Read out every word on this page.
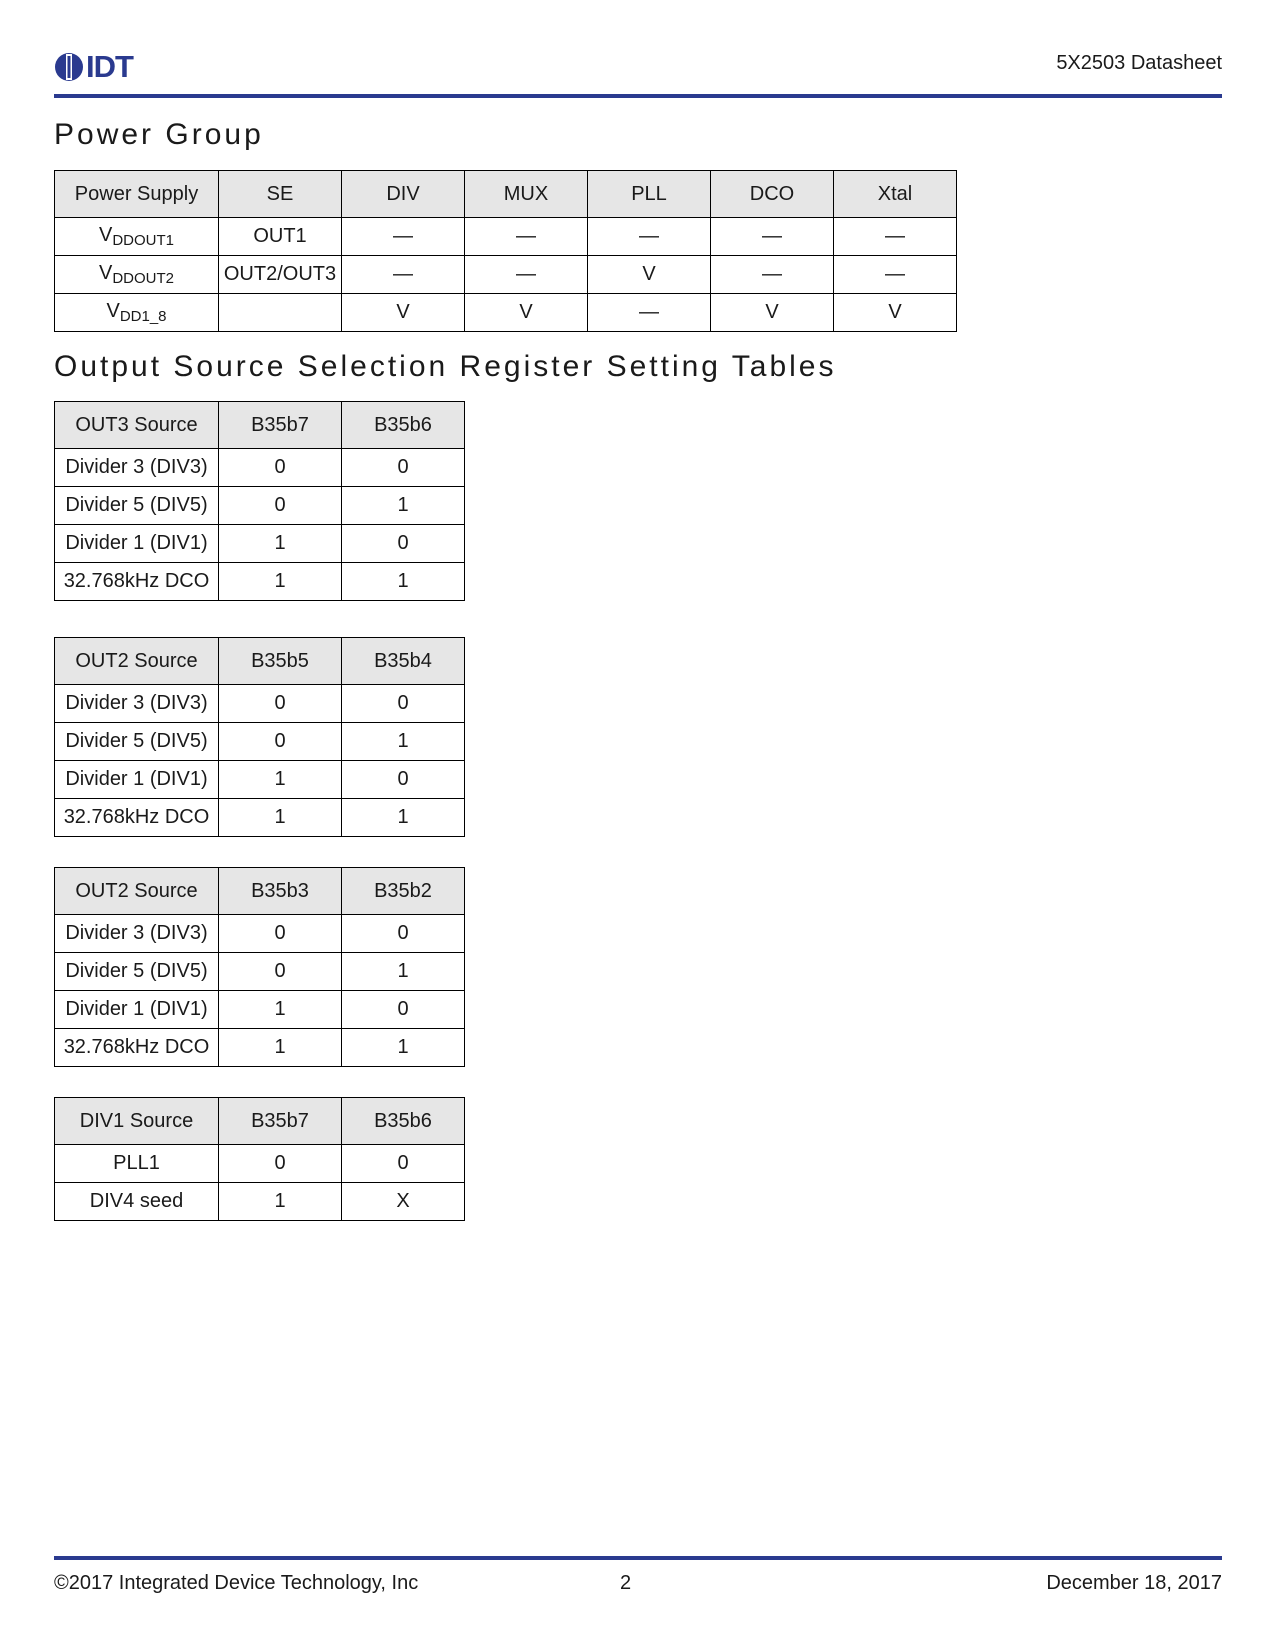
IDT	5X2503 Datasheet
Power Group
Power Supply	SE	DIV	MUX	PLL	DCO	Xtal
$V_{DDOUT1}$	OUT1	—	—	—	—	—
$V_{DDOUT2}$	OUT2/OUT3	—	—	V	—	—
$V_{DD1\_8}$		V	V	—	V	V
Output Source Selection Register Setting Tables
OUT3 Source	B35b7	B35b6
Divider 3 (DIV3)	0	0
Divider 5 (DIV5)	0	1
Divider 1 (DIV1)	1	0
32.768kHz DCO	1	1
OUT2 Source	B35b5	B35b4
Divider 3 (DIV3)	0	0
Divider 5 (DIV5)	0	1
Divider 1 (DIV1)	1	0
32.768kHz DCO	1	1
OUT2 Source	B35b3	B35b2
Divider 3 (DIV3)	0	0
Divider 5 (DIV5)	0	1
Divider 1 (DIV1)	1	0
32.768kHz DCO	1	1
DIV1 Source	B35b7	B35b6
PLL1	0	0
DIV4 seed	1	X
©2017 Integrated Device Technology, Inc	2	December 18, 2017
